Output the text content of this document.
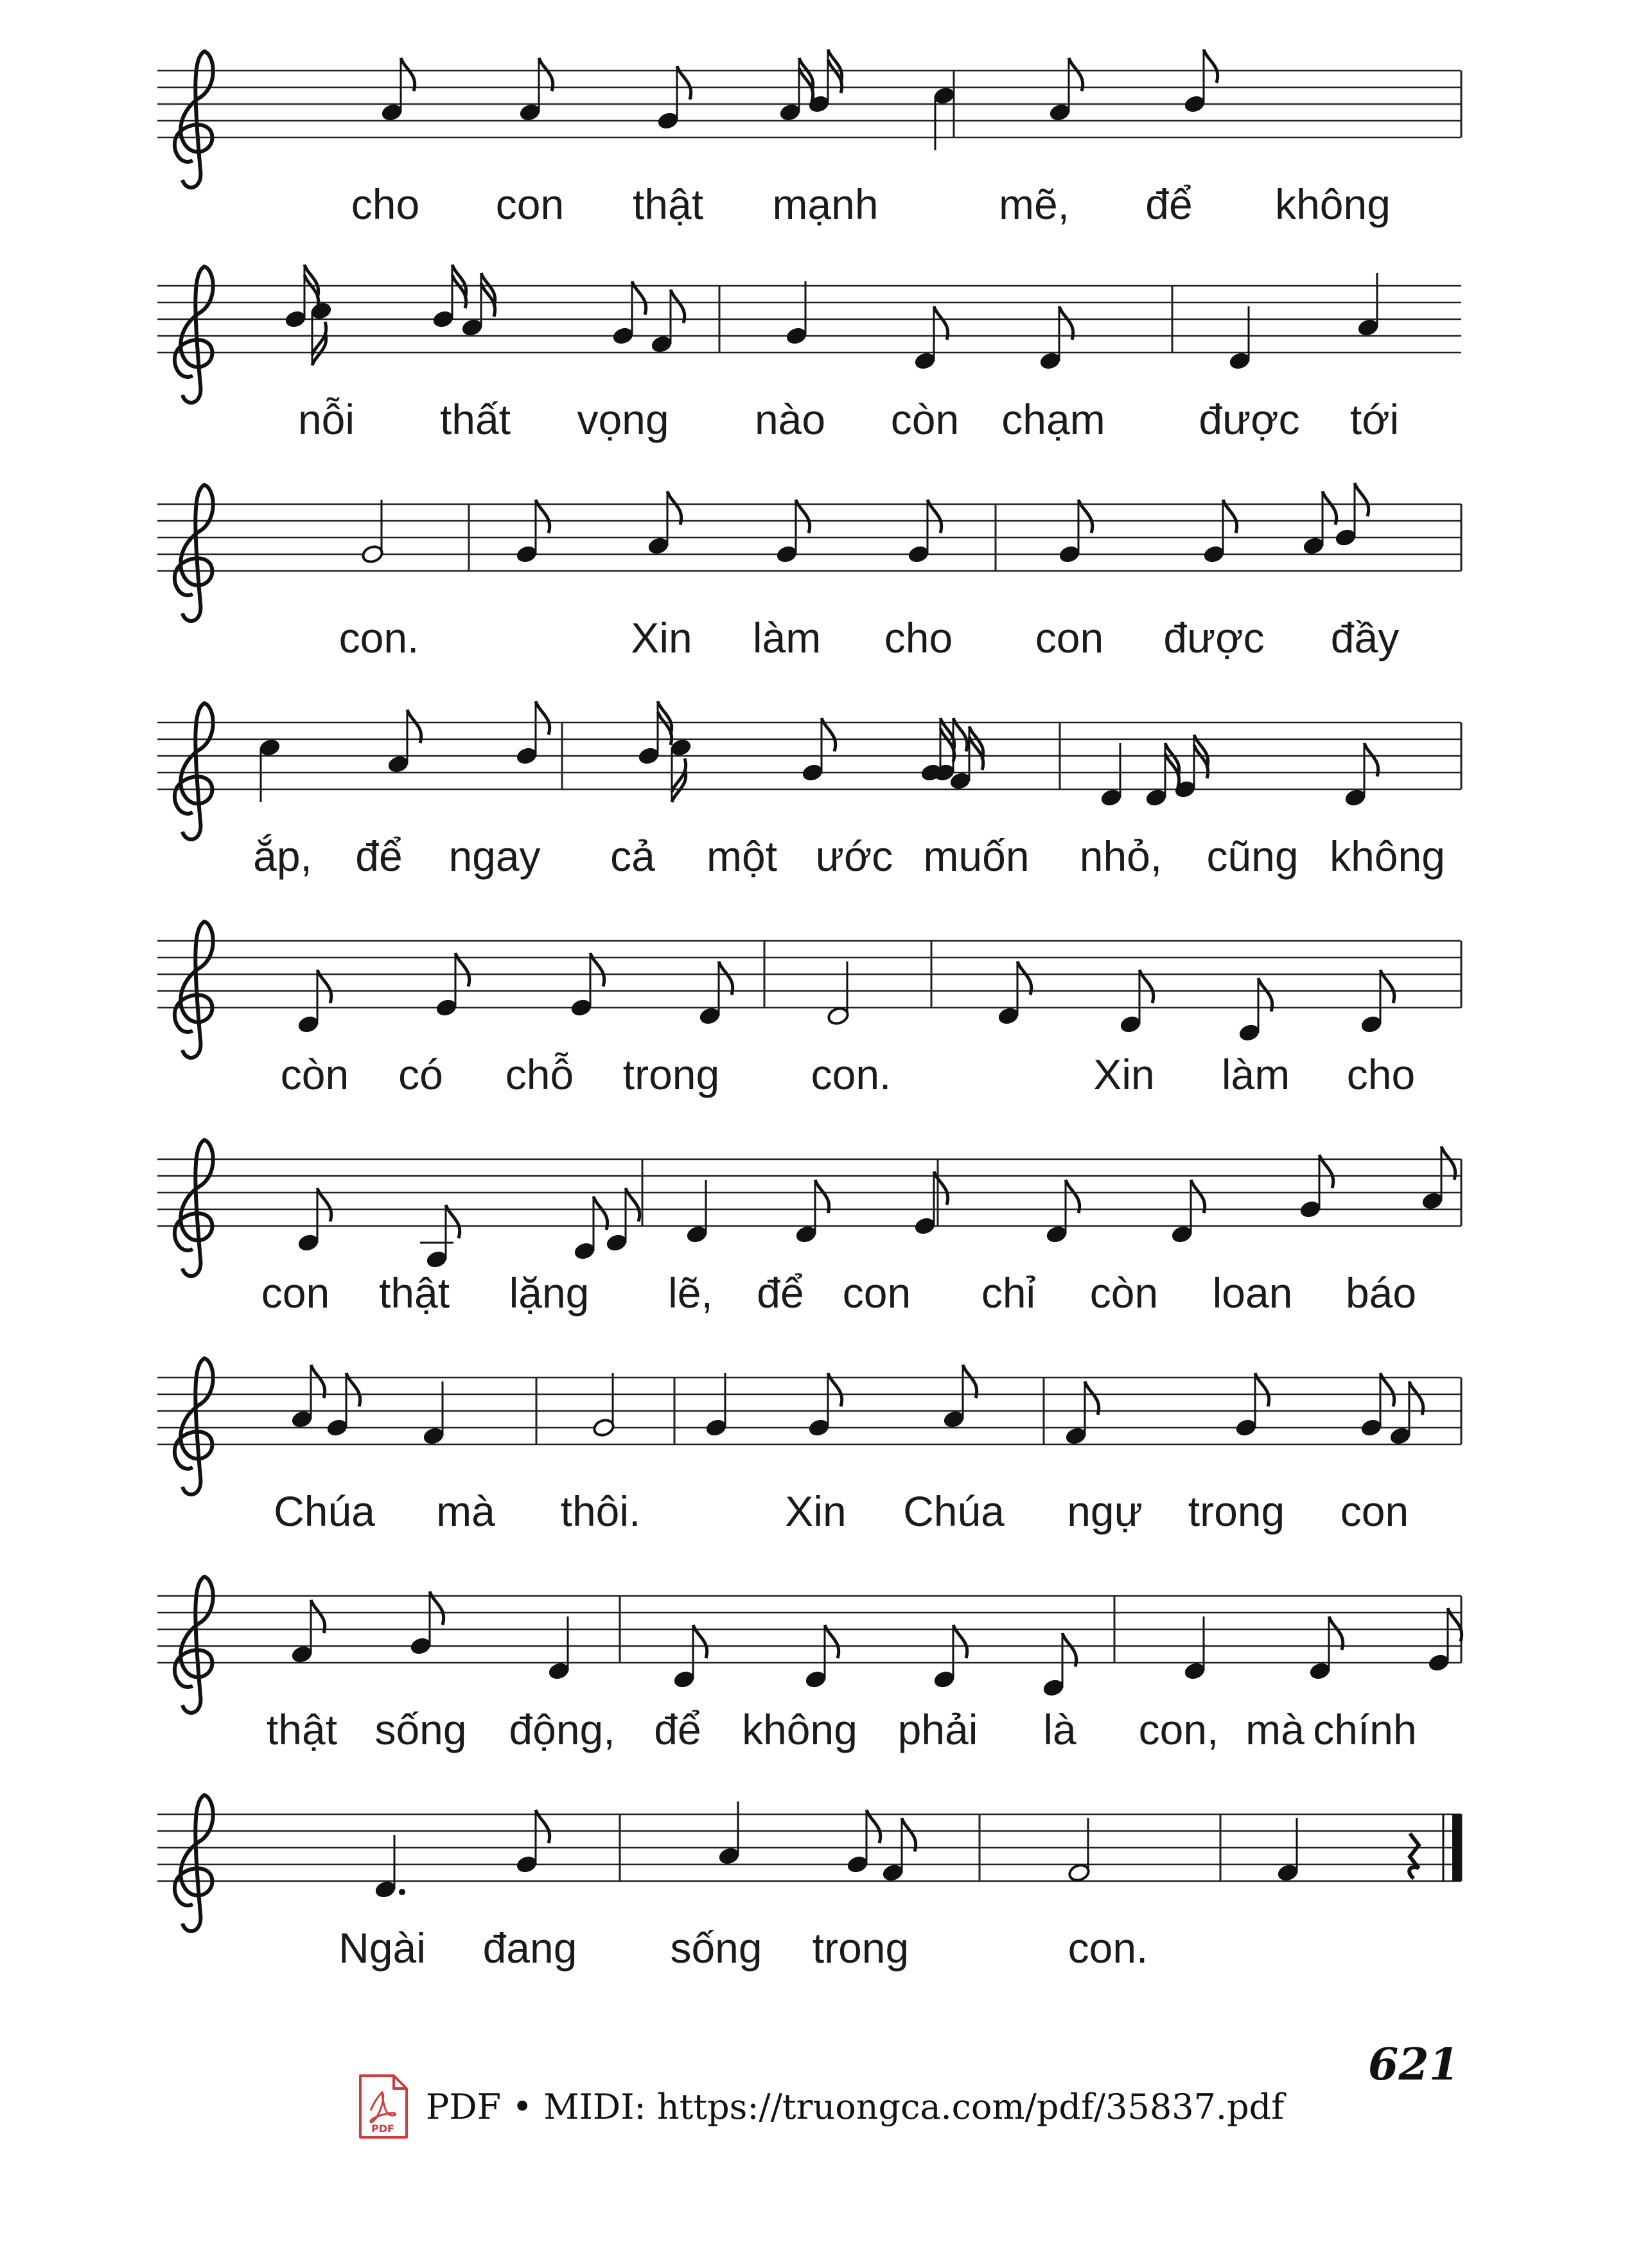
cho con thật mạnh	mẽ, để không
nỗi thất vọng nào còn chạm được tới
con.	Xin làm cho con được đầy
ắp, để ngay cả một ước muốn nhỏ, cũng không
còn có chỗ trong con.	Xin làm cho
con thật lặng lẽ, để con chỉ còn loan báo
Chúa mà thôi.	Xin Chúa ngự trong con
thật sống động, để không phải là con, mà chính
Ngài đang sống trong	con.
621
PDF
PDF • MIDI: https://truongca.com/pdf/35837.pdf
